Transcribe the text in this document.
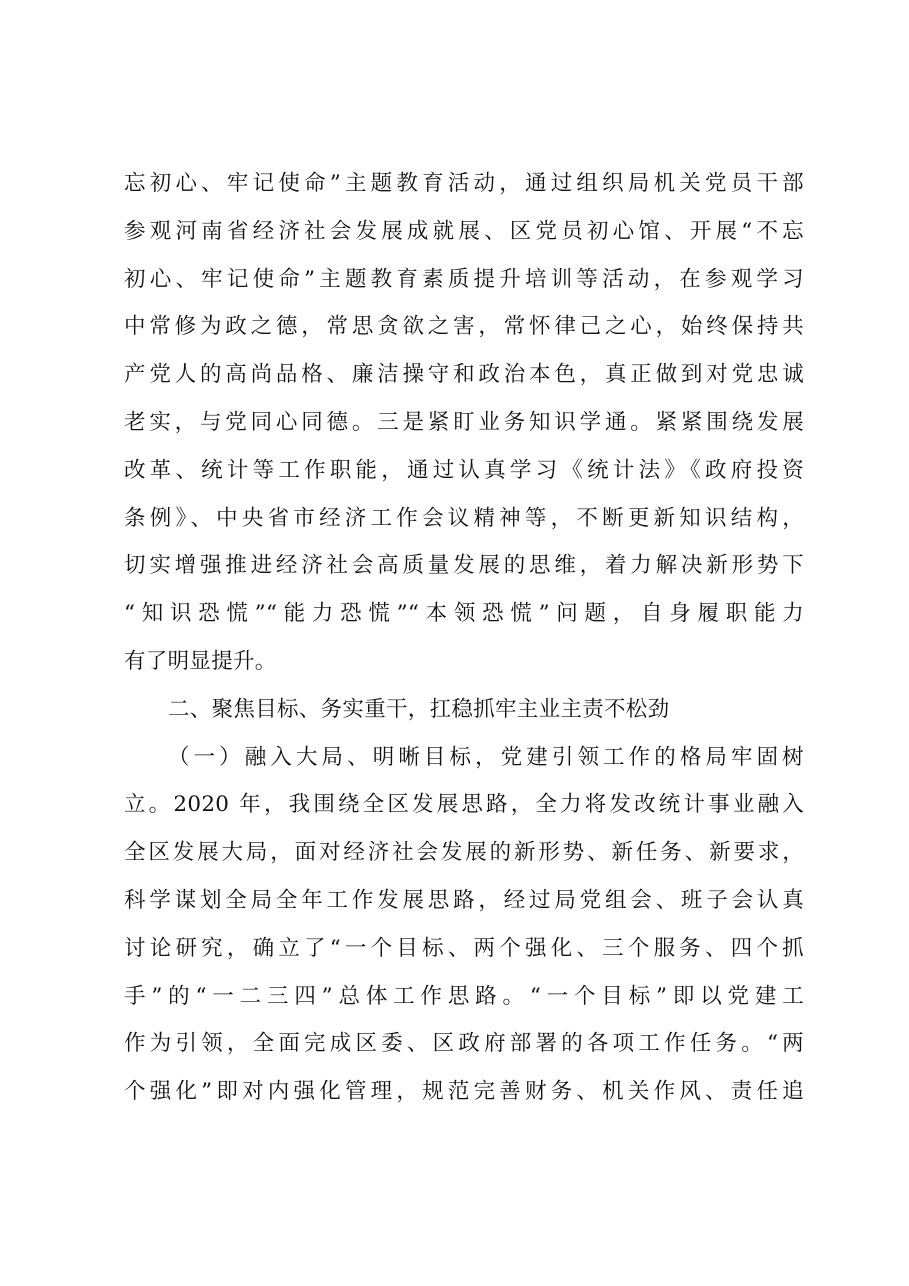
忘初心、牢记使命”主题教育活动，通过组织局机关党员干部
参观河南省经济社会发展成就展、区党员初心馆、开展“不忘
初心、牢记使命”主题教育素质提升培训等活动，在参观学习
中常修为政之德，常思贪欲之害，常怀律己之心，始终保持共
产党人的高尚品格、廉洁操守和政治本色，真正做到对党忠诚
老实，与党同心同德。三是紧盯业务知识学通。紧紧围绕发展
改革、统计等工作职能，通过认真学习《统计法》《政府投资
条例》、中央省市经济工作会议精神等，不断更新知识结构，
切实增强推进经济社会高质量发展的思维，着力解决新形势下
“知识恐慌”“能力恐慌”“本领恐慌”问题，自身履职能力
有了明显提升。
二、聚焦目标、务实重干，扛稳抓牢主业主责不松劲
（一）融入大局、明晰目标，党建引领工作的格局牢固树
立。2020 年，我围绕全区发展思路，全力将发改统计事业融入
全区发展大局，面对经济社会发展的新形势、新任务、新要求，
科学谋划全局全年工作发展思路，经过局党组会、班子会认真
讨论研究，确立了“一个目标、两个强化、三个服务、四个抓
手”的“一二三四”总体工作思路。“一个目标”即以党建工
作为引领，全面完成区委、区政府部署的各项工作任务。“两
个强化”即对内强化管理，规范完善财务、机关作风、责任追
